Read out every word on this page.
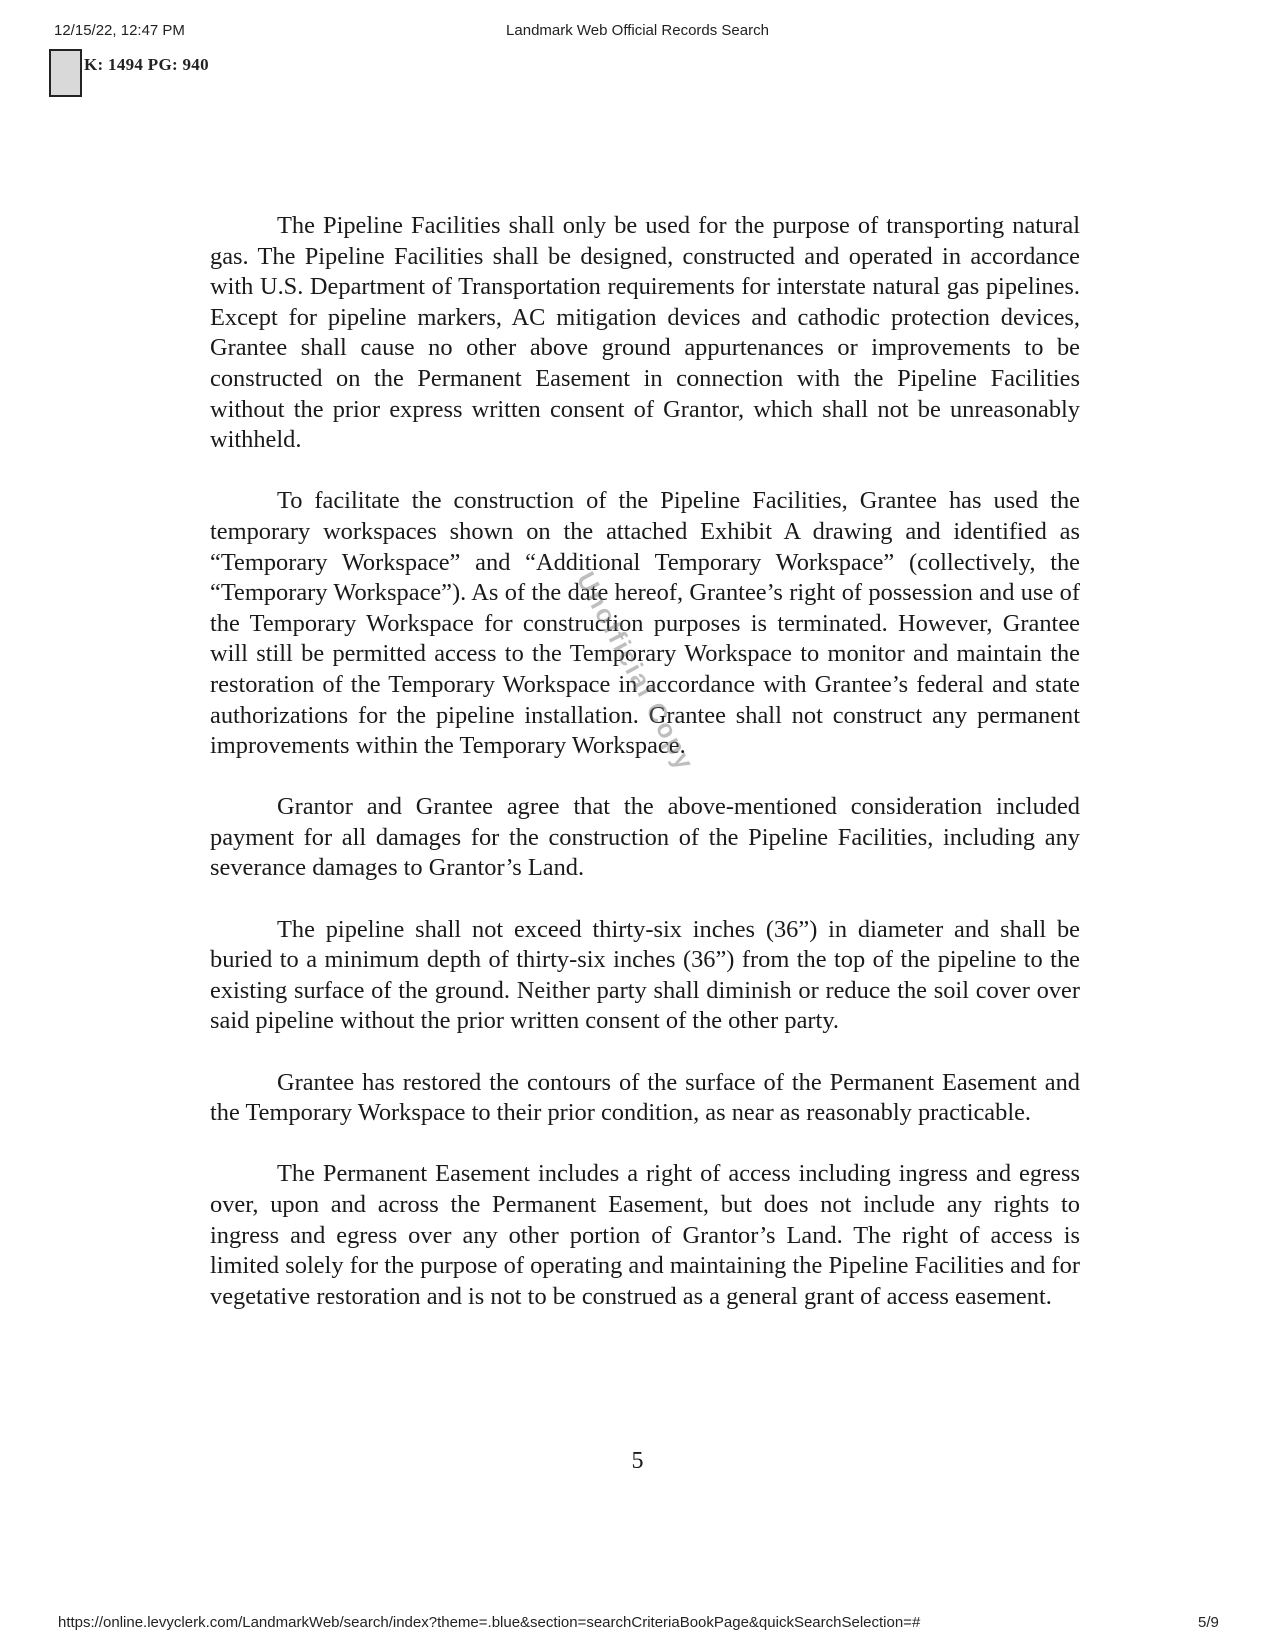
12/15/22, 12:47 PM	Landmark Web Official Records Search
K: 1494 PG: 940

The Pipeline Facilities shall only be used for the purpose of transporting natural gas. The Pipeline Facilities shall be designed, constructed and operated in accordance with U.S. Department of Transportation requirements for interstate natural gas pipelines. Except for pipeline markers, AC mitigation devices and cathodic protection devices, Grantee shall cause no other above ground appurtenances or improvements to be constructed on the Permanent Easement in connection with the Pipeline Facilities without the prior express written consent of Grantor, which shall not be unreasonably withheld.

To facilitate the construction of the Pipeline Facilities, Grantee has used the temporary workspaces shown on the attached Exhibit A drawing and identified as “Temporary Workspace” and “Additional Temporary Workspace” (collectively, the “Temporary Workspace”). As of the date hereof, Grantee’s right of possession and use of the Temporary Workspace for construction purposes is terminated. However, Grantee will still be permitted access to the Temporary Workspace to monitor and maintain the restoration of the Temporary Workspace in accordance with Grantee’s federal and state authorizations for the pipeline installation. Grantee shall not construct any permanent improvements within the Temporary Workspace.

Grantor and Grantee agree that the above-mentioned consideration included payment for all damages for the construction of the Pipeline Facilities, including any severance damages to Grantor’s Land.

The pipeline shall not exceed thirty-six inches (36”) in diameter and shall be buried to a minimum depth of thirty-six inches (36”) from the top of the pipeline to the existing surface of the ground. Neither party shall diminish or reduce the soil cover over said pipeline without the prior written consent of the other party.

Grantee has restored the contours of the surface of the Permanent Easement and the Temporary Workspace to their prior condition, as near as reasonably practicable.

The Permanent Easement includes a right of access including ingress and egress over, upon and across the Permanent Easement, but does not include any rights to ingress and egress over any other portion of Grantor’s Land. The right of access is limited solely for the purpose of operating and maintaining the Pipeline Facilities and for vegetative restoration and is not to be construed as a general grant of access easement.

Unofficial Copy
5
https://online.levyclerk.com/LandmarkWeb/search/index?theme=.blue&section=searchCriteriaBookPage&quickSearchSelection=#	5/9
